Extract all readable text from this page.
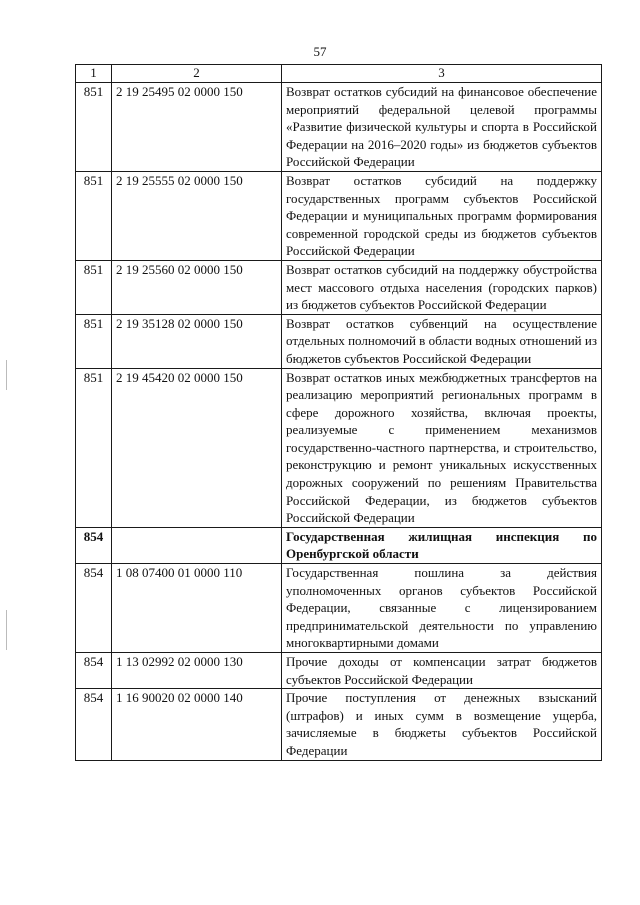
57
1	2	3
851	2 19 25495 02 0000 150	Возврат остатков субсидий на финансовое обеспечение мероприятий федеральной целевой программы «Развитие физической культуры и спорта в Российской Федерации на 2016–2020 годы» из бюджетов субъектов Российской Федерации
851	2 19 25555 02 0000 150	Возврат остатков субсидий на поддержку государственных программ субъектов Российской Федерации и муниципальных программ формирования современной городской среды из бюджетов субъектов Российской Федерации
851	2 19 25560 02 0000 150	Возврат остатков субсидий на поддержку обустройства мест массового отдыха населения (городских парков) из бюджетов субъектов Российской Федерации
851	2 19 35128 02 0000 150	Возврат остатков субвенций на осуществление отдельных полномочий в области водных отношений из бюджетов субъектов Российской Федерации
851	2 19 45420 02 0000 150	Возврат остатков иных межбюджетных трансфертов на реализацию мероприятий региональных программ в сфере дорожного хозяйства, включая проекты, реализуемые с применением механизмов государственно-частного партнерства, и строительство, реконструкцию и ремонт уникальных искусственных дорожных сооружений по решениям Правительства Российской Федерации, из бюджетов субъектов Российской Федерации
854		Государственная жилищная инспекция по Оренбургской области
854	1 08 07400 01 0000 110	Государственная пошлина за действия уполномоченных органов субъектов Российской Федерации, связанные с лицензированием предпринимательской деятельности по управлению многоквартирными домами
854	1 13 02992 02 0000 130	Прочие доходы от компенсации затрат бюджетов субъектов Российской Федерации
854	1 16 90020 02 0000 140	Прочие поступления от денежных взысканий (штрафов) и иных сумм в возмещение ущерба, зачисляемые в бюджеты субъектов Российской Федерации
